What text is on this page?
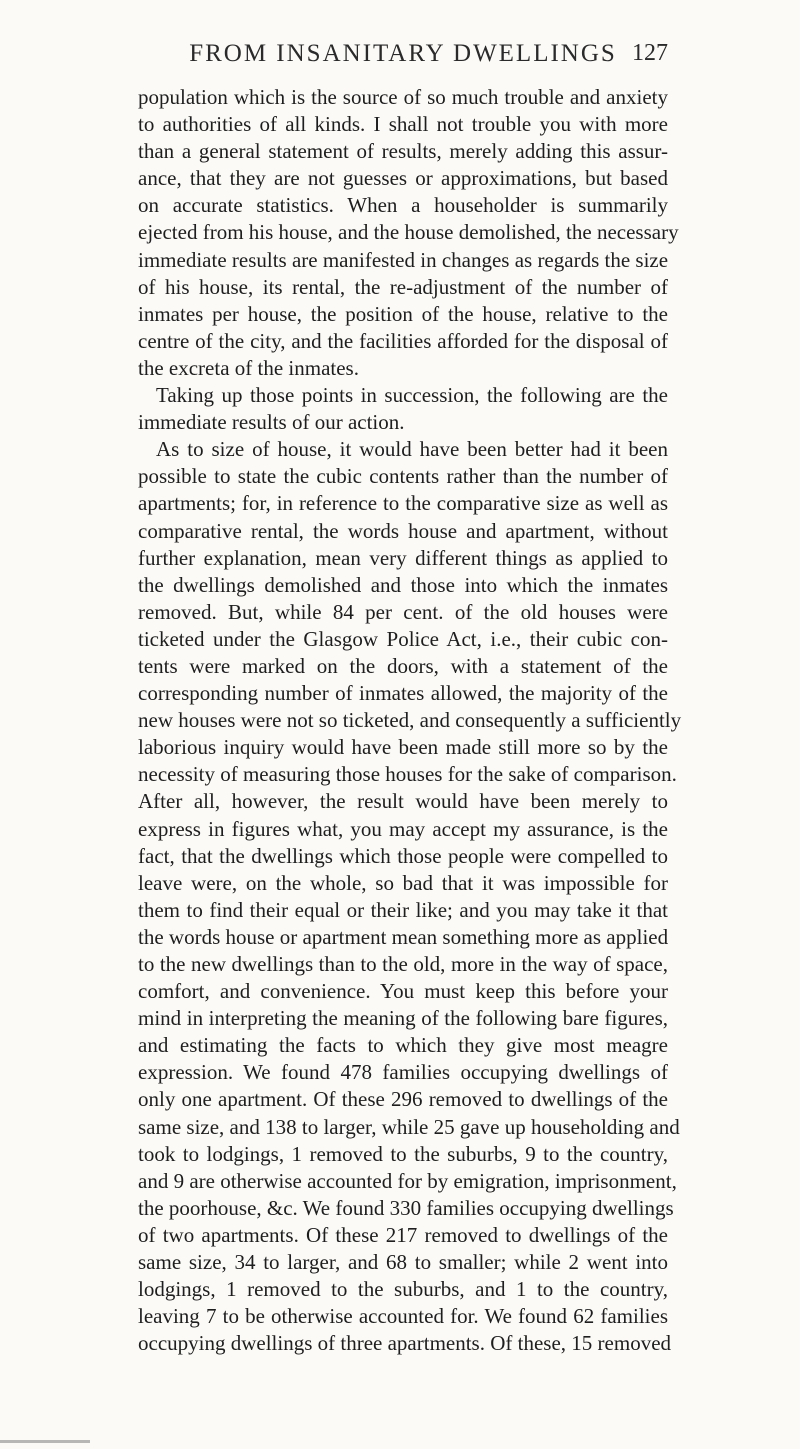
FROM INSANITARY DWELLINGS 127
population which is the source of so much trouble and anxiety
to authorities of all kinds. I shall not trouble you with more
than a general statement of results, merely adding this assur-
ance, that they are not guesses or approximations, but based
on accurate statistics. When a householder is summarily
ejected from his house, and the house demolished, the necessary
immediate results are manifested in changes as regards the size
of his house, its rental, the re-adjustment of the number of
inmates per house, the position of the house, relative to the
centre of the city, and the facilities afforded for the disposal of
the excreta of the inmates.
Taking up those points in succession, the following are the
immediate results of our action.
As to size of house, it would have been better had it been
possible to state the cubic contents rather than the number of
apartments; for, in reference to the comparative size as well as
comparative rental, the words house and apartment, without
further explanation, mean very different things as applied to
the dwellings demolished and those into which the inmates
removed. But, while 84 per cent. of the old houses were
ticketed under the Glasgow Police Act, i.e., their cubic con-
tents were marked on the doors, with a statement of the
corresponding number of inmates allowed, the majority of the
new houses were not so ticketed, and consequently a sufficiently
laborious inquiry would have been made still more so by the
necessity of measuring those houses for the sake of comparison.
After all, however, the result would have been merely to
express in figures what, you may accept my assurance, is the
fact, that the dwellings which those people were compelled to
leave were, on the whole, so bad that it was impossible for
them to find their equal or their like; and you may take it that
the words house or apartment mean something more as applied
to the new dwellings than to the old, more in the way of space,
comfort, and convenience. You must keep this before your
mind in interpreting the meaning of the following bare figures,
and estimating the facts to which they give most meagre
expression. We found 478 families occupying dwellings of
only one apartment. Of these 296 removed to dwellings of the
same size, and 138 to larger, while 25 gave up householding and
took to lodgings, 1 removed to the suburbs, 9 to the country,
and 9 are otherwise accounted for by emigration, imprisonment,
the poorhouse, &c. We found 330 families occupying dwellings
of two apartments. Of these 217 removed to dwellings of the
same size, 34 to larger, and 68 to smaller; while 2 went into
lodgings, 1 removed to the suburbs, and 1 to the country,
leaving 7 to be otherwise accounted for. We found 62 families
occupying dwellings of three apartments. Of these, 15 removed
